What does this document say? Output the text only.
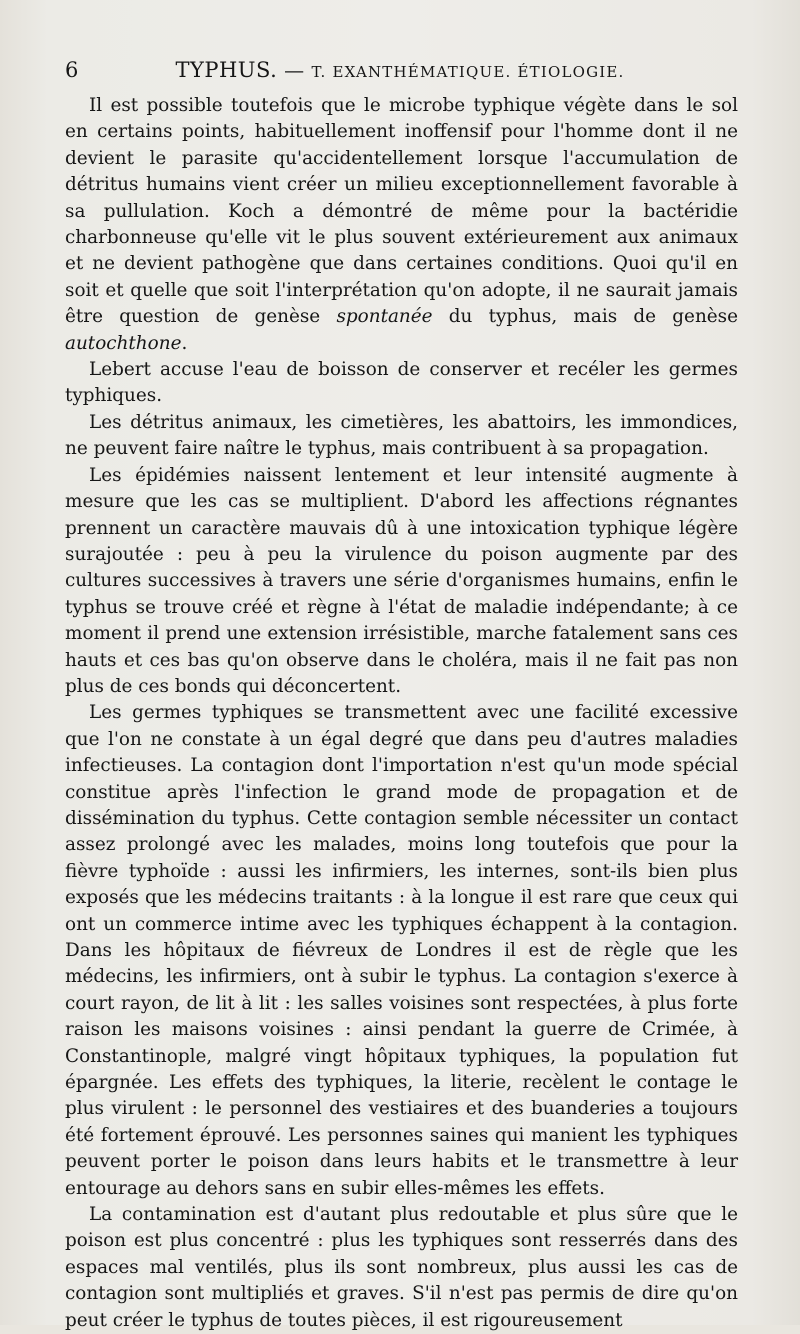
6	TYPHUS. — T. EXANTHÉMATIQUE. ÉTIOLOGIE.

Il est possible toutefois que le microbe typhique végète dans le sol en certains points, habituellement inoffensif pour l'homme dont il ne devient le parasite qu'accidentellement lorsque l'accumulation de détritus humains vient créer un milieu exceptionnellement favorable à sa pullulation. Koch a démontré de même pour la bactéridie charbonneuse qu'elle vit le plus souvent extérieurement aux animaux et ne devient pathogène que dans certaines conditions. Quoi qu'il en soit et quelle que soit l'interprétation qu'on adopte, il ne saurait jamais être question de genèse spontanée du typhus, mais de genèse autochthone.

Lebert accuse l'eau de boisson de conserver et recéler les germes typhiques.

Les détritus animaux, les cimetières, les abattoirs, les immondices, ne peuvent faire naître le typhus, mais contribuent à sa propagation.

Les épidémies naissent lentement et leur intensité augmente à mesure que les cas se multiplient. D'abord les affections régnantes prennent un caractère mauvais dû à une intoxication typhique légère surajoutée : peu à peu la virulence du poison augmente par des cultures successives à travers une série d'organismes humains, enfin le typhus se trouve créé et règne à l'état de maladie indépendante; à ce moment il prend une extension irrésistible, marche fatalement sans ces hauts et ces bas qu'on observe dans le choléra, mais il ne fait pas non plus de ces bonds qui déconcertent.

Les germes typhiques se transmettent avec une facilité excessive que l'on ne constate à un égal degré que dans peu d'autres maladies infectieuses. La contagion dont l'importation n'est qu'un mode spécial constitue après l'infection le grand mode de propagation et de dissémination du typhus. Cette contagion semble nécessiter un contact assez prolongé avec les malades, moins long toutefois que pour la fièvre typhoïde : aussi les infirmiers, les internes, sont-ils bien plus exposés que les médecins traitants : à la longue il est rare que ceux qui ont un commerce intime avec les typhiques échappent à la contagion. Dans les hôpitaux de fiévreux de Londres il est de règle que les médecins, les infirmiers, ont à subir le typhus. La contagion s'exerce à court rayon, de lit à lit : les salles voisines sont respectées, à plus forte raison les maisons voisines : ainsi pendant la guerre de Crimée, à Constantinople, malgré vingt hôpitaux typhiques, la population fut épargnée. Les effets des typhiques, la literie, recèlent le contage le plus virulent : le personnel des vestiaires et des buanderies a toujours été fortement éprouvé. Les personnes saines qui manient les typhiques peuvent porter le poison dans leurs habits et le transmettre à leur entourage au dehors sans en subir elles-mêmes les effets.

La contamination est d'autant plus redoutable et plus sûre que le poison est plus concentré : plus les typhiques sont resserrés dans des espaces mal ventilés, plus ils sont nombreux, plus aussi les cas de contagion sont multipliés et graves. S'il n'est pas permis de dire qu'on peut créer le typhus de toutes pièces, il est rigoureusement
